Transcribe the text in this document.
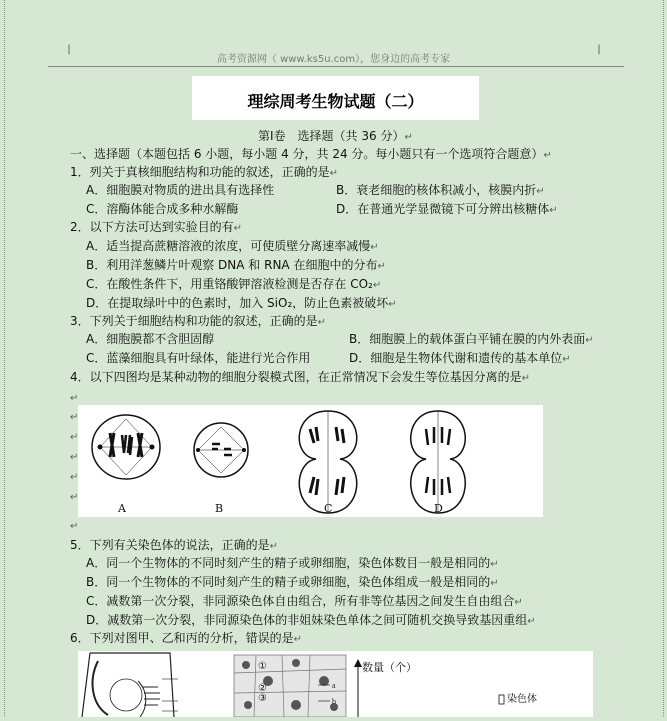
|	|
高考资源网（ www.ks5u.com），您身边的高考专家
理综周考生物试题（二）
第Ⅰ卷　选择题（共 36 分）↵
一、选择题（本题包括 6 小题，每小题 4 分，共 24 分。每小题只有一个选项符合题意）↵
1．列关于真核细胞结构和功能的叙述，正确的是↵
A．细胞膜对物质的进出具有选择性	B．衰老细胞的核体积减小，核膜内折↵
C．溶酶体能合成多种水解酶	D．在普通光学显微镜下可分辨出核糖体↵
2．以下方法可达到实验目的有↵
A．适当提高蔗糖溶液的浓度，可使质壁分离速率减慢↵
B．利用洋葱鳞片叶观察 DNA 和 RNA 在细胞中的分布↵
C．在酸性条件下，用重铬酸钾溶液检测是否存在 CO₂↵
D．在提取绿叶中的色素时，加入 SiO₂，防止色素被破坏↵
3．下列关于细胞结构和功能的叙述，正确的是↵
A．细胞膜都不含胆固醇	B．细胞膜上的载体蛋白平铺在膜的内外表面↵
C．蓝藻细胞具有叶绿体，能进行光合作用	D．细胞是生物体代谢和遗传的基本单位↵
4．以下四图均是某种动物的细胞分裂模式图，在正常情况下会发生等位基因分离的是↵
↵
↵
↵
↵
↵
↵
A	B	C	D
↵
5．下列有关染色体的说法，正确的是↵
A．同一个生物体的不同时刻产生的精子或卵细胞，染色体数目一般是相同的↵
B．同一个生物体的不同时刻产生的精子或卵细胞，染色体组成一般是相同的↵
C．减数第一次分裂，非同源染色体自由组合，所有非等位基因之间发生自由组合↵
D．减数第一次分裂，非同源染色体的非姐妹染色单体之间可随机交换导致基因重组↵
6．下列对图甲、乙和丙的分析，错误的是↵
a
b
①
②
③
数量（个）
染色体
